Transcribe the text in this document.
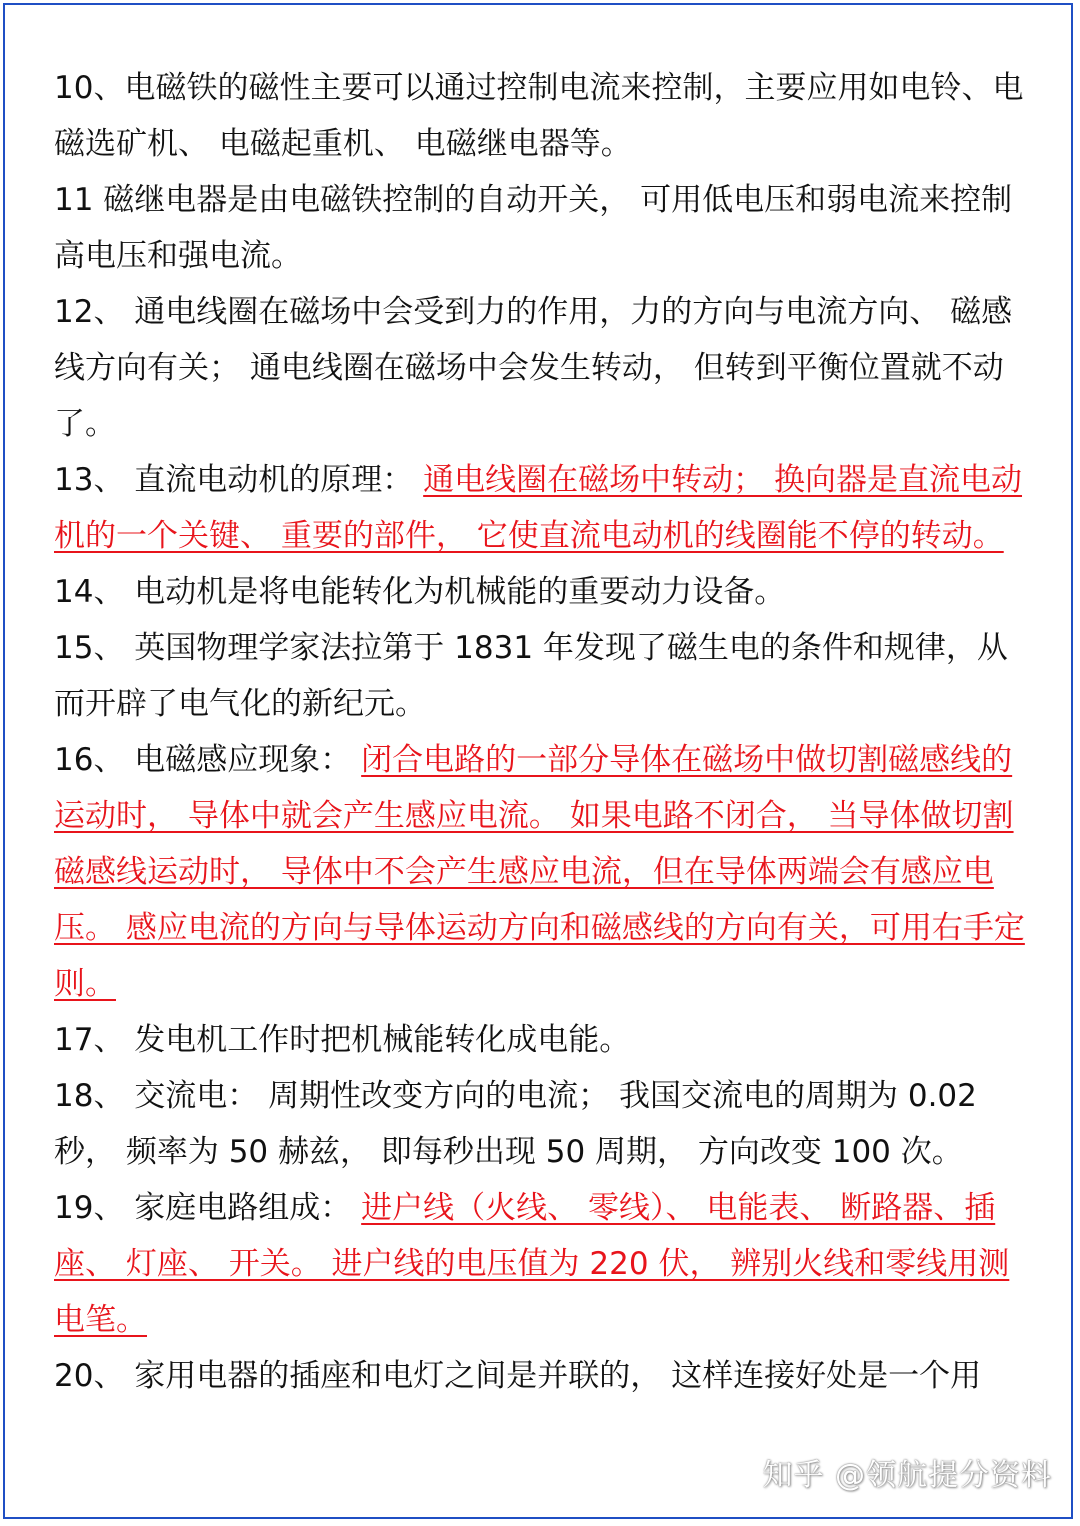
10、电磁铁的磁性主要可以通过控制电流来控制，主要应用如电铃、电磁选矿机、 电磁起重机、 电磁继电器等。

11 磁继电器是由电磁铁控制的自动开关， 可用低电压和弱电流来控制高电压和强电流。

12、 通电线圈在磁场中会受到力的作用，力的方向与电流方向、 磁感线方向有关； 通电线圈在磁场中会发生转动， 但转到平衡位置就不动了。

13、 直流电动机的原理： 通电线圈在磁场中转动； 换向器是直流电动机的一个关键、 重要的部件， 它使直流电动机的线圈能不停的转动。

14、 电动机是将电能转化为机械能的重要动力设备。

15、 英国物理学家法拉第于 1831 年发现了磁生电的条件和规律，从而开辟了电气化的新纪元。

16、 电磁感应现象： 闭合电路的一部分导体在磁场中做切割磁感线的运动时， 导体中就会产生感应电流。 如果电路不闭合， 当导体做切割磁感线运动时， 导体中不会产生感应电流，但在导体两端会有感应电压。 感应电流的方向与导体运动方向和磁感线的方向有关，可用右手定则。

17、 发电机工作时把机械能转化成电能。

18、 交流电： 周期性改变方向的电流； 我国交流电的周期为 0.02 秒， 频率为 50 赫兹， 即每秒出现 50 周期， 方向改变 100 次。

19、 家庭电路组成： 进户线（火线、 零线）、 电能表、 断路器、插座、 灯座、 开关。 进户线的电压值为 220 伏， 辨别火线和零线用测电笔。

20、 家用电器的插座和电灯之间是并联的， 这样连接好处是一个用

知乎 @领航提分资料
